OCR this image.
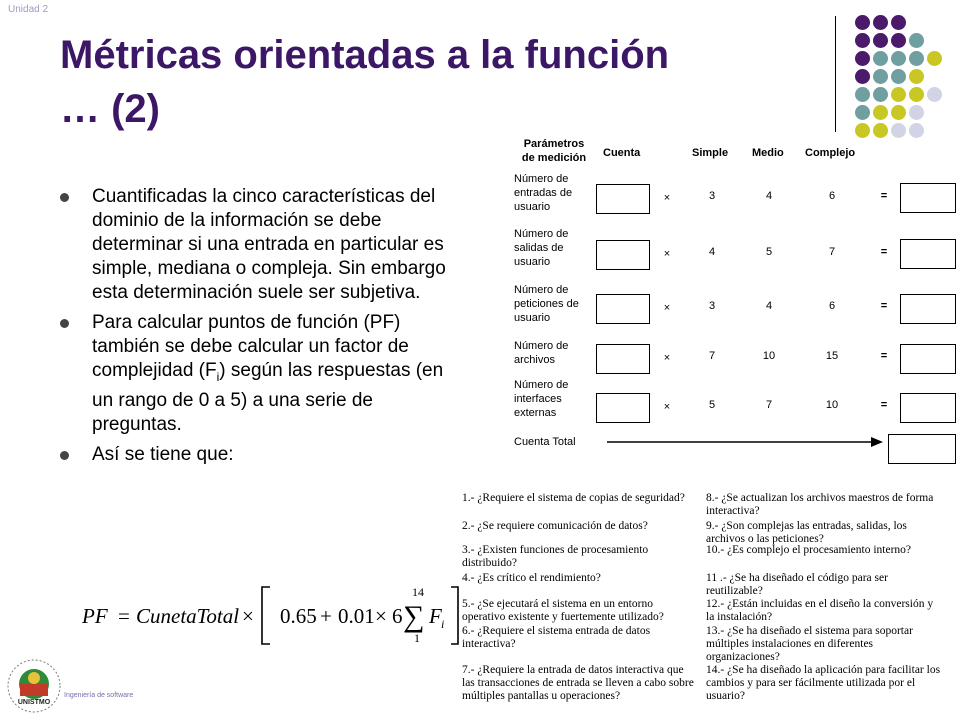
Unidad 2
Métricas orientadas a la función
… (2)
Cuantificadas la cinco características del dominio de la información se debe determinar si una entrada en particular es simple, mediana o compleja. Sin embargo esta determinación suele ser subjetiva.
Para calcular puntos de función (PF) también se debe calcular un factor de complejidad $(F_i)$ según las respuestas (en un rango de 0 a 5) a una serie de preguntas.
Así se tiene que:
PF = CunetaTotal × 0.65 + 0.01 × 6 ∑
14
1
F i
Parámetros de medición	Cuenta	Simple Medio Complejo
Número de entradas de usuario
×	3	4	6	=
Número de salidas de usuario
×	4	5	7	=
Número de peticiones de usuario
×	3	4	6	=
Número de archivos	×	7	10	15	=
Número de interfaces externas	×	5	7	10	=
Cuenta Total
1.- ¿Requiere el sistema de copias de seguridad?
2.- ¿Se requiere comunicación de datos?
3.- ¿Existen funciones de procesamiento distribuido?
4.- ¿Es crítico el rendimiento?
5.- ¿Se ejecutará el sistema en un entorno operativo existente y fuertemente utilizado?
6.- ¿Requiere el sistema entrada de datos interactiva?
7.- ¿Requiere la entrada de datos interactiva que las transacciones de entrada se lleven a cabo sobre múltiples pantallas u operaciones?
8.- ¿Se actualizan los archivos maestros de forma interactiva?
9.- ¿Son complejas las entradas, salidas, los archivos o las peticiones?
10.- ¿Es complejo el procesamiento interno?
11 .- ¿Se ha diseñado el código para ser reutilizable?
12.- ¿Están incluidas en el diseño la conversión y la instalación?
13.- ¿Se ha diseñado el sistema para soportar múltiples instalaciones en diferentes organizaciones?
14.- ¿Se ha diseñado la aplicación para facilitar los cambios y para ser fácilmente utilizada por el usuario?
UNISTMO
Ingeniería de software
